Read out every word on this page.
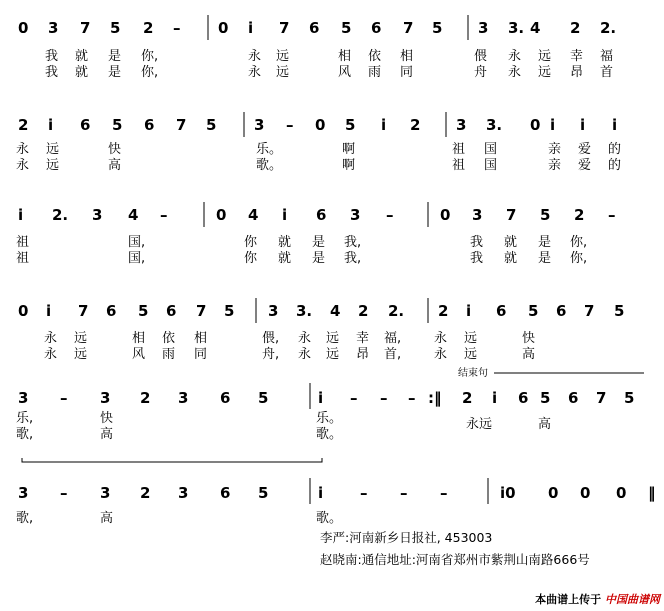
0 3 7 5 2 –	0 i 7 6 5 6 7 5 3 3. 4 2 2.
我 就 是 你,	永 远	相 依 相	偎 永 远 幸 福
我 就 是 你,	永 远	风 雨 同	舟 永 远 昂 首
2 i 6 5 6 7 5	3 – 0 5 i 2 3 3. 0 i i i
永 远	快	乐。	啊	祖 国	亲 爱 的
永 远	高	歌。	啊	祖 国	亲 爱 的
i 2. 3 4 –	0 4 i 6 3 –	0 3 7 5 2 –
祖	国,	你 就 是 我,	我 就 是 你,
祖	国,	你 就 是 我,	我 就 是 你,
0 i 7 6 5 6 7 5 3 3. 4 2 2. 2 i 6 5 6 7 5
永 远	相 依 相	偎, 永 远 幸 福,	永 远	快
永 远	风 雨 同	舟, 永 远 昂 首,	永 远	高
结束句
3 – 3 2 3 6 5	i – – – :‖ 2 i 6 5 6 7 5
乐,	快	乐。	永远	高
歌,	高	歌。
3 – 3 2 3 6 5	i – – –	i0 0 0 0 ‖
歌,	高	歌。
李严:河南新乡日报社, 453003
赵晓南:通信地址:河南省郑州市紫荆山南路666号
本曲谱上传于 中国曲谱网
